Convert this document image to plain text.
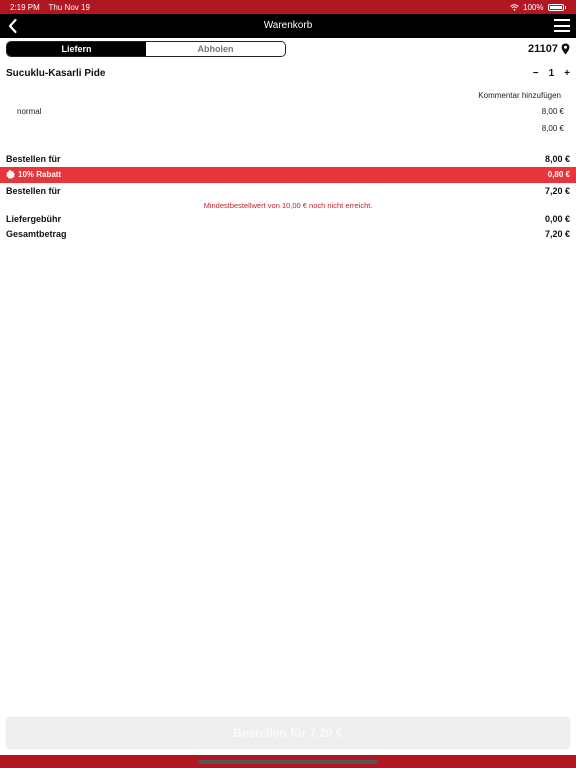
2:19 PM Thu Nov 19	100%
Warenkorb
Liefern	Abholen	21107
Sucuklu-Kasarli Pide	− 1 +
Kommentar hinzufügen
normal	8,00 €
8,00 €
Bestellen für	8,00 €
10% Rabatt	0,80 €
Bestellen für	7,20 €
Mindestbestellwert von 10,00 € noch nicht erreicht.
Liefergebühr	0,00 €
Gesamtbetrag	7,20 €
Bestellen für 7,20 €
